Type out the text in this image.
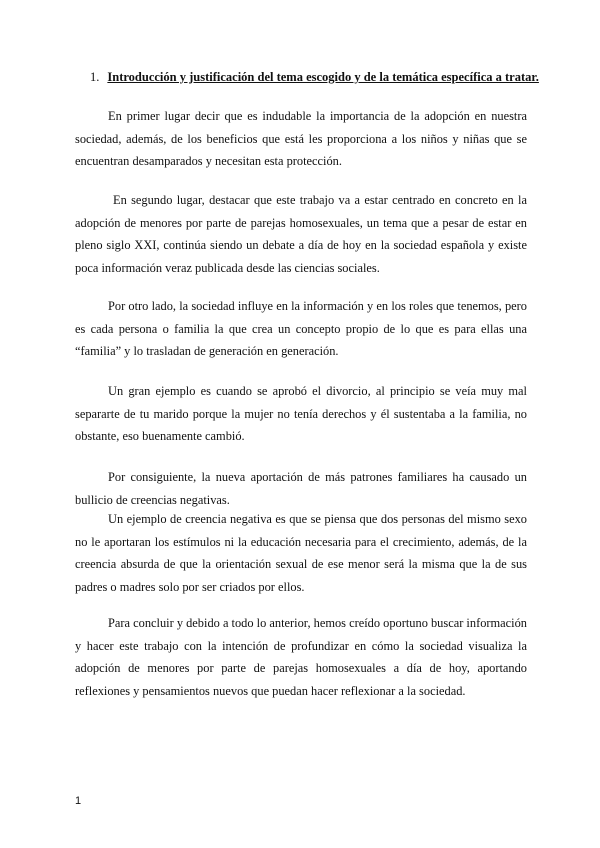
1. Introducción y justificación del tema escogido y de la temática específica a tratar.

En primer lugar decir que es indudable la importancia de la adopción en nuestra sociedad, además, de los beneficios que está les proporciona a los niños y niñas que se encuentran desamparados y necesitan esta protección.

En segundo lugar, destacar que este trabajo va a estar centrado en concreto en la adopción de menores por parte de parejas homosexuales, un tema que a pesar de estar en pleno siglo XXI, continúa siendo un debate a día de hoy en la sociedad española y existe poca información veraz publicada desde las ciencias sociales.

Por otro lado, la sociedad influye en la información y en los roles que tenemos, pero es cada persona o familia la que crea un concepto propio de lo que es para ellas una “familia” y lo trasladan de generación en generación.

Un gran ejemplo es cuando se aprobó el divorcio, al principio se veía muy mal separarte de tu marido porque la mujer no tenía derechos y él sustentaba a la familia, no obstante, eso buenamente cambió.

Por consiguiente, la nueva aportación de más patrones familiares ha causado un bullicio de creencias negativas.

Un ejemplo de creencia negativa es que se piensa que dos personas del mismo sexo no le aportaran los estímulos ni la educación necesaria para el crecimiento, además, de la creencia absurda de que la orientación sexual de ese menor será la misma que la de sus padres o madres solo por ser criados por ellos.

Para concluir y debido a todo lo anterior, hemos creído oportuno buscar información y hacer este trabajo con la intención de profundizar en cómo la sociedad visualiza la adopción de menores por parte de parejas homosexuales a día de hoy, aportando reflexiones y pensamientos nuevos que puedan hacer reflexionar a la sociedad.

1
